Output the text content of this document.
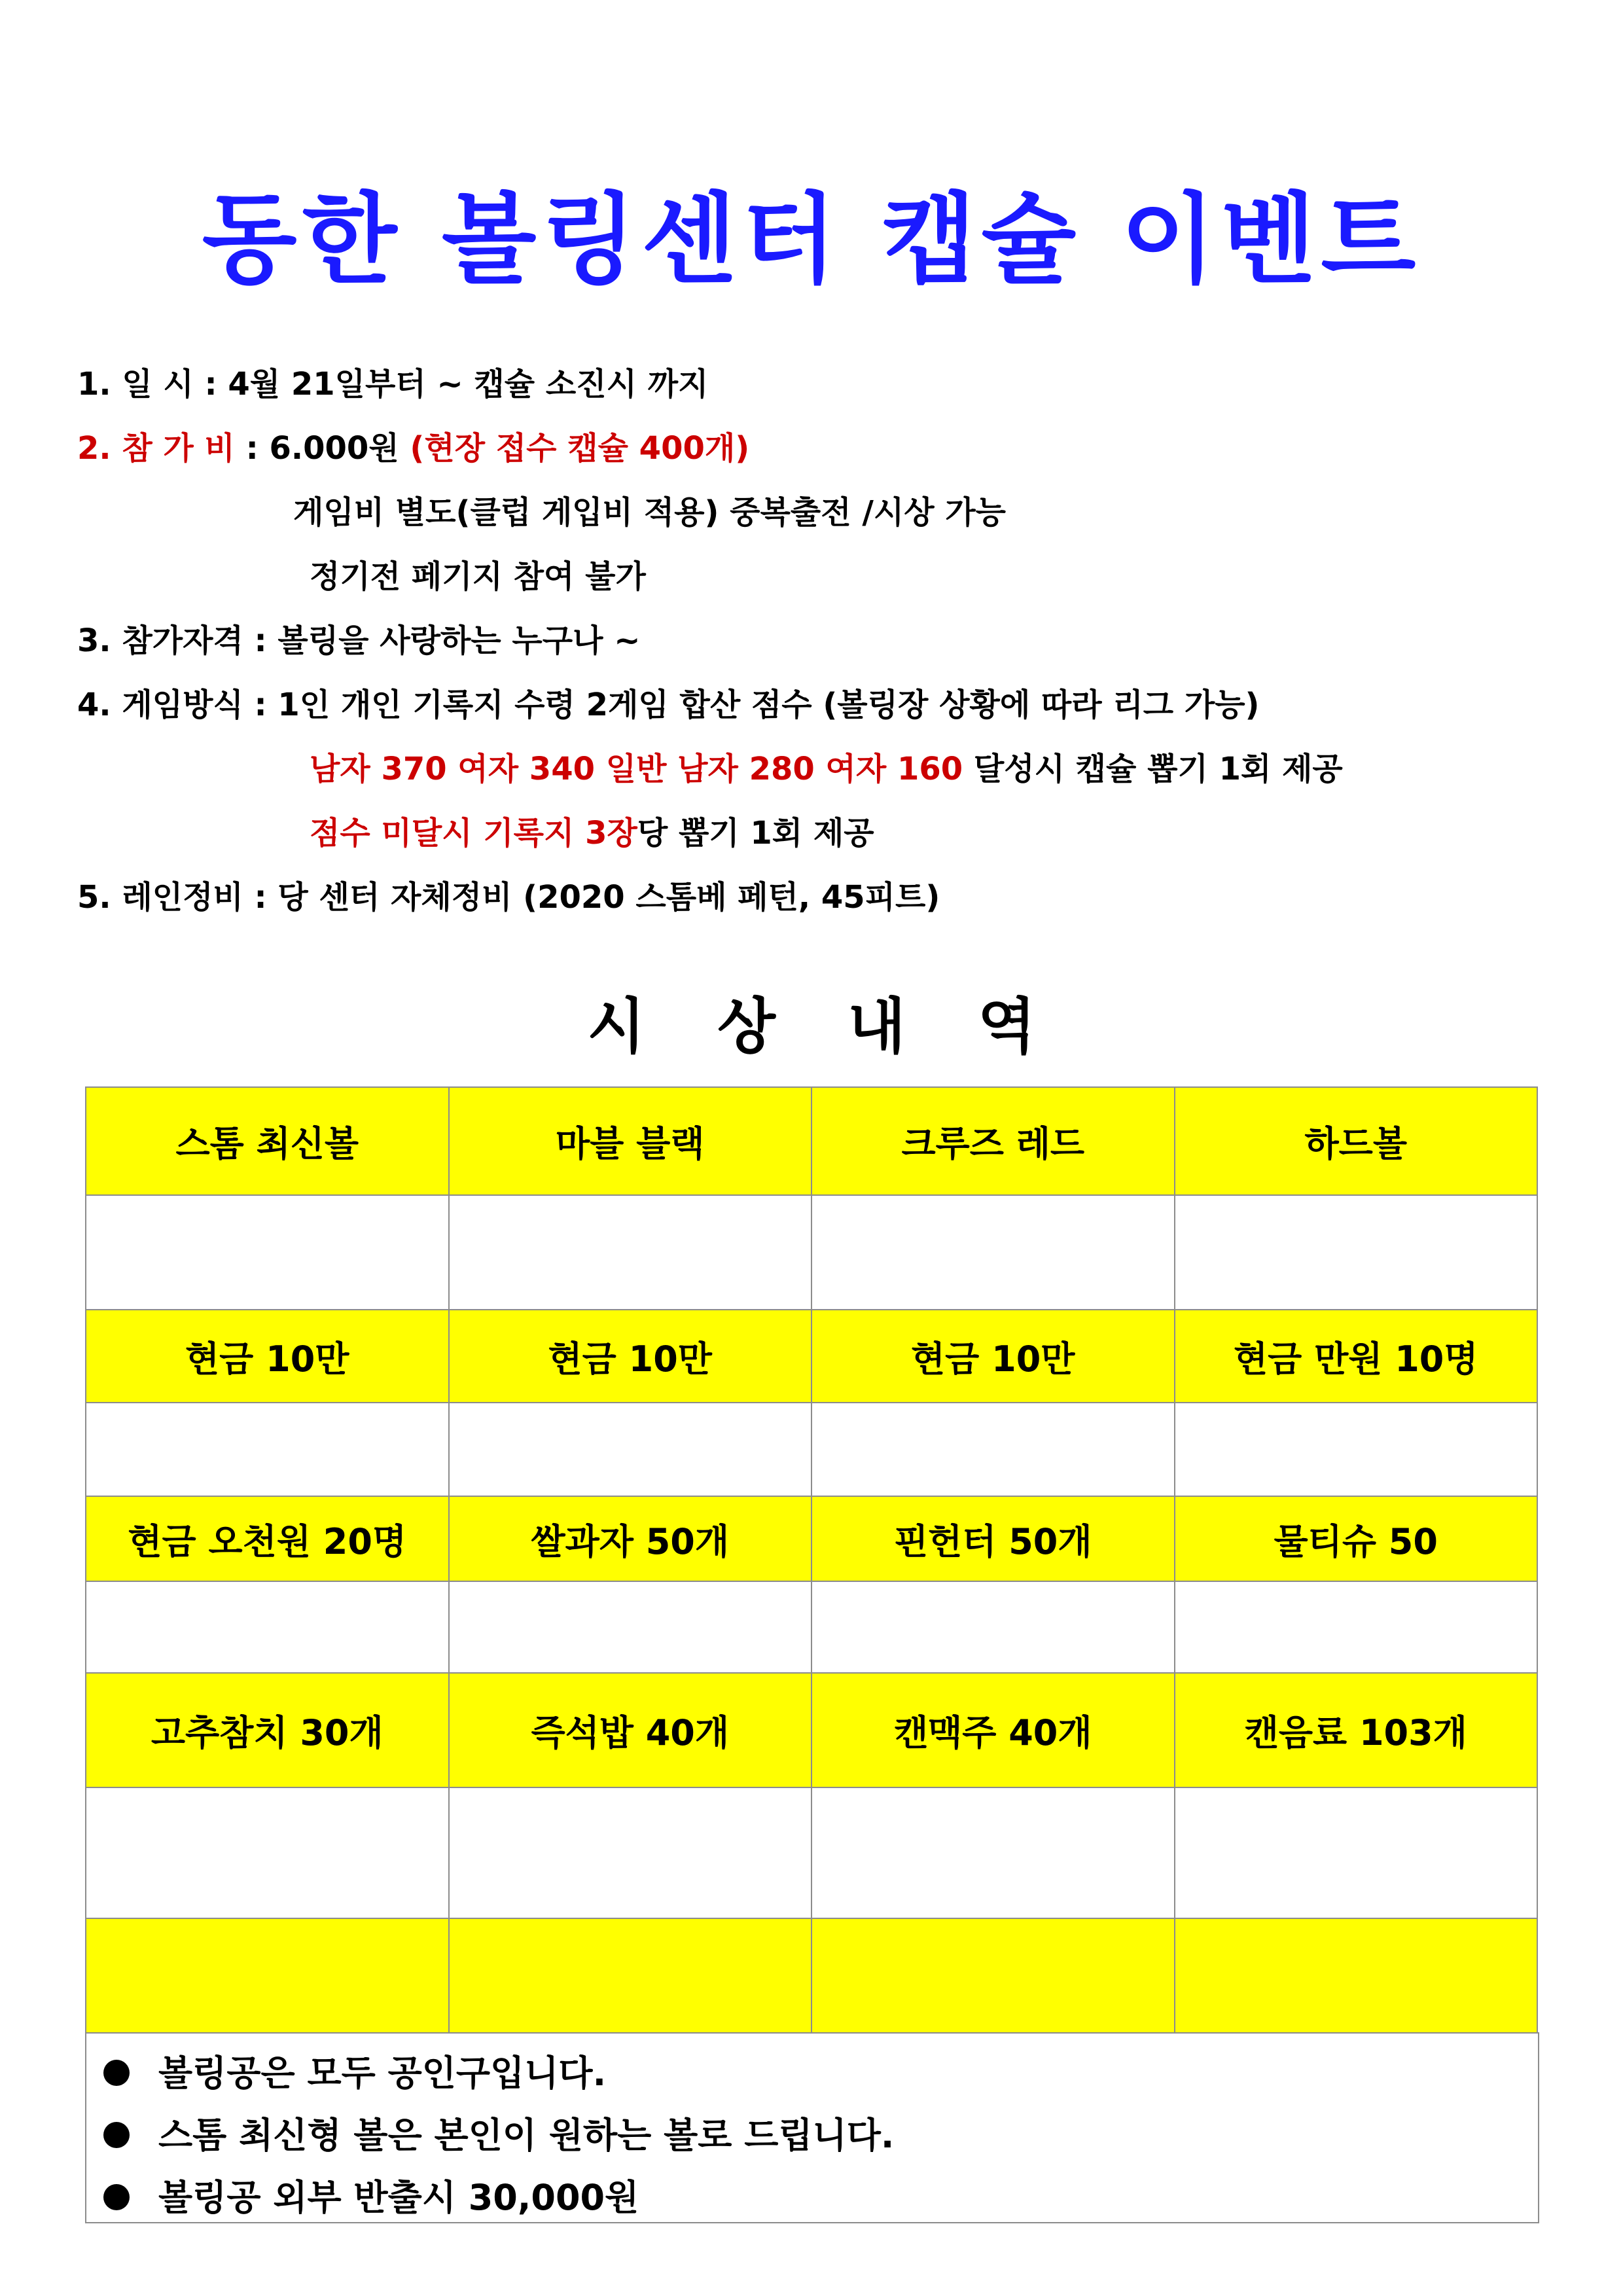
동한 볼링센터 캡슐 이벤트
1. 일 시 : 4월 21일부터 ~ 캡슐 소진시 까지
2. 참 가 비 : 6.000원 (현장 접수 캡슐 400개)
게임비 별도(클럽 게입비 적용) 중복출전 /시상 가능
정기전 페기지 참여 불가
3. 참가자격 : 볼링을 사랑하는 누구나 ~
4. 게임방식 : 1인 개인 기록지 수령 2게임 합산 점수 (볼링장 상황에 따라 리그 가능)
남자 370 여자 340 일반 남자 280 여자 160 달성시 캡슐 뽑기 1회 제공
점수 미달시 기록지 3장당 뽑기 1회 제공
5. 레인정비 : 당 센터 자체정비 (2020 스톰베 페턴, 45피트)
시상내역
스톰 최신볼	마블 블랙	크루즈 레드	하드볼

현금 10만	현금 10만	현금 10만	현금 만원 10명

현금 오천원 20명	쌀과자 50개	핀헌터 50개	물티슈 50

고추참치 30개	즉석밥 40개	캔맥주 40개	캔음료 103개

볼링공은 모두 공인구입니다.
스톰 최신형 볼은 본인이 원하는 볼로 드립니다.
볼링공 외부 반출시 30,000원
